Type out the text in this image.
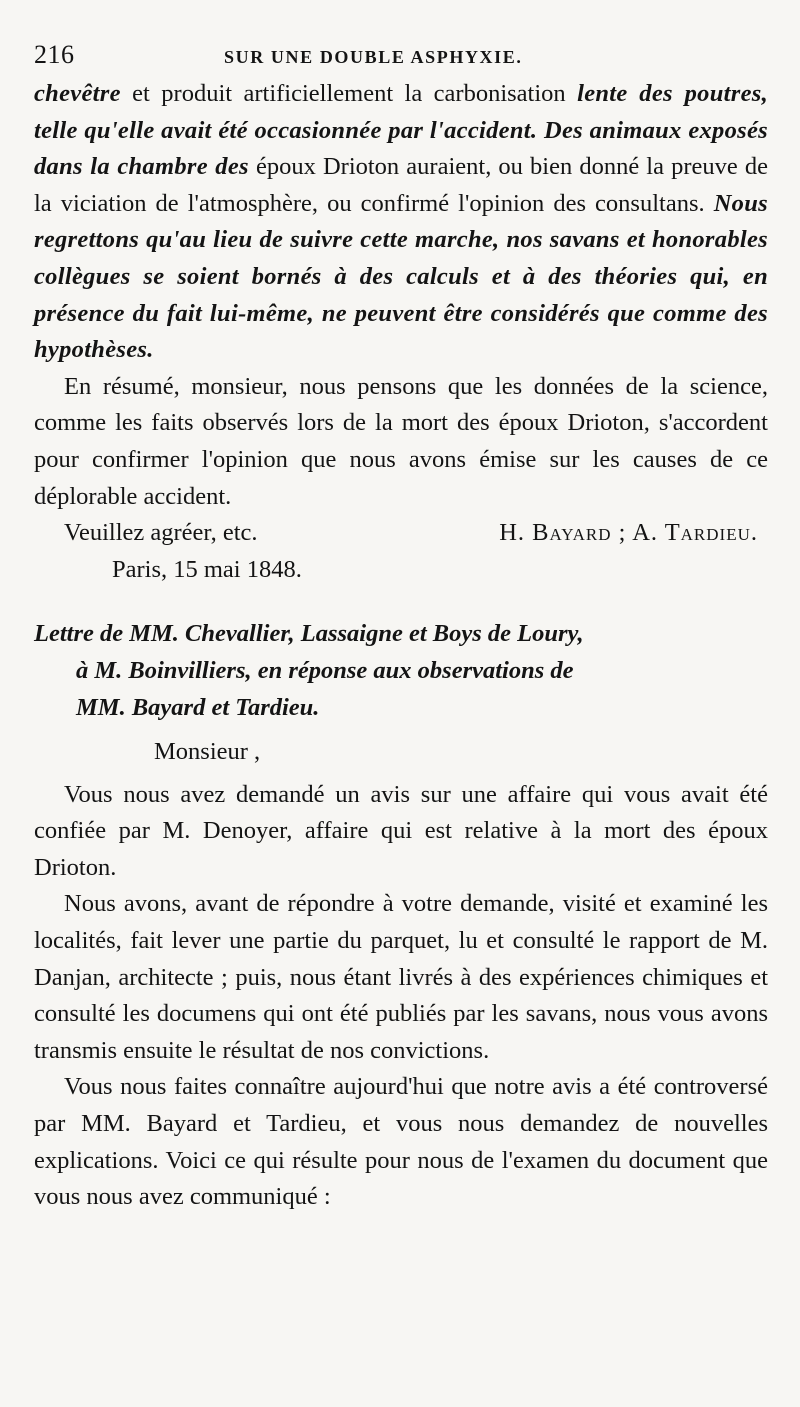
216	SUR UNE DOUBLE ASPHYXIE.

chevêtre et produit artificiellement la carbonisation lente des poutres, telle qu'elle avait été occasionnée par l'accident. Des animaux exposés dans la chambre des époux Drioton auraient, ou bien donné la preuve de la viciation de l'atmosphère, ou confirmé l'opinion des consultans. Nous regrettons qu'au lieu de suivre cette marche, nos savans et honorables collègues se soient bornés à des calculs et à des théories qui, en présence du fait lui-même, ne peuvent être considérés que comme des hypothèses.

En résumé, monsieur, nous pensons que les données de la science, comme les faits observés lors de la mort des époux Drioton, s'accordent pour confirmer l'opinion que nous avons émise sur les causes de ce déplorable accident.

Veuillez agréer, etc.	H. Bayard ; A. Tardieu.

Paris, 15 mai 1848.

Lettre de MM. Chevallier, Lassaigne et Boys de Loury,
à M. Boinvilliers, en réponse aux observations de
MM. Bayard et Tardieu.

Monsieur ,

Vous nous avez demandé un avis sur une affaire qui vous avait été confiée par M. Denoyer, affaire qui est relative à la mort des époux Drioton.

Nous avons, avant de répondre à votre demande, visité et examiné les localités, fait lever une partie du parquet, lu et consulté le rapport de M. Danjan, architecte ; puis, nous étant livrés à des expériences chimiques et consulté les documens qui ont été publiés par les savans, nous vous avons transmis ensuite le résultat de nos convictions.

Vous nous faites connaître aujourd'hui que notre avis a été controversé par MM. Bayard et Tardieu, et vous nous demandez de nouvelles explications. Voici ce qui résulte pour nous de l'examen du document que vous nous avez communiqué :
